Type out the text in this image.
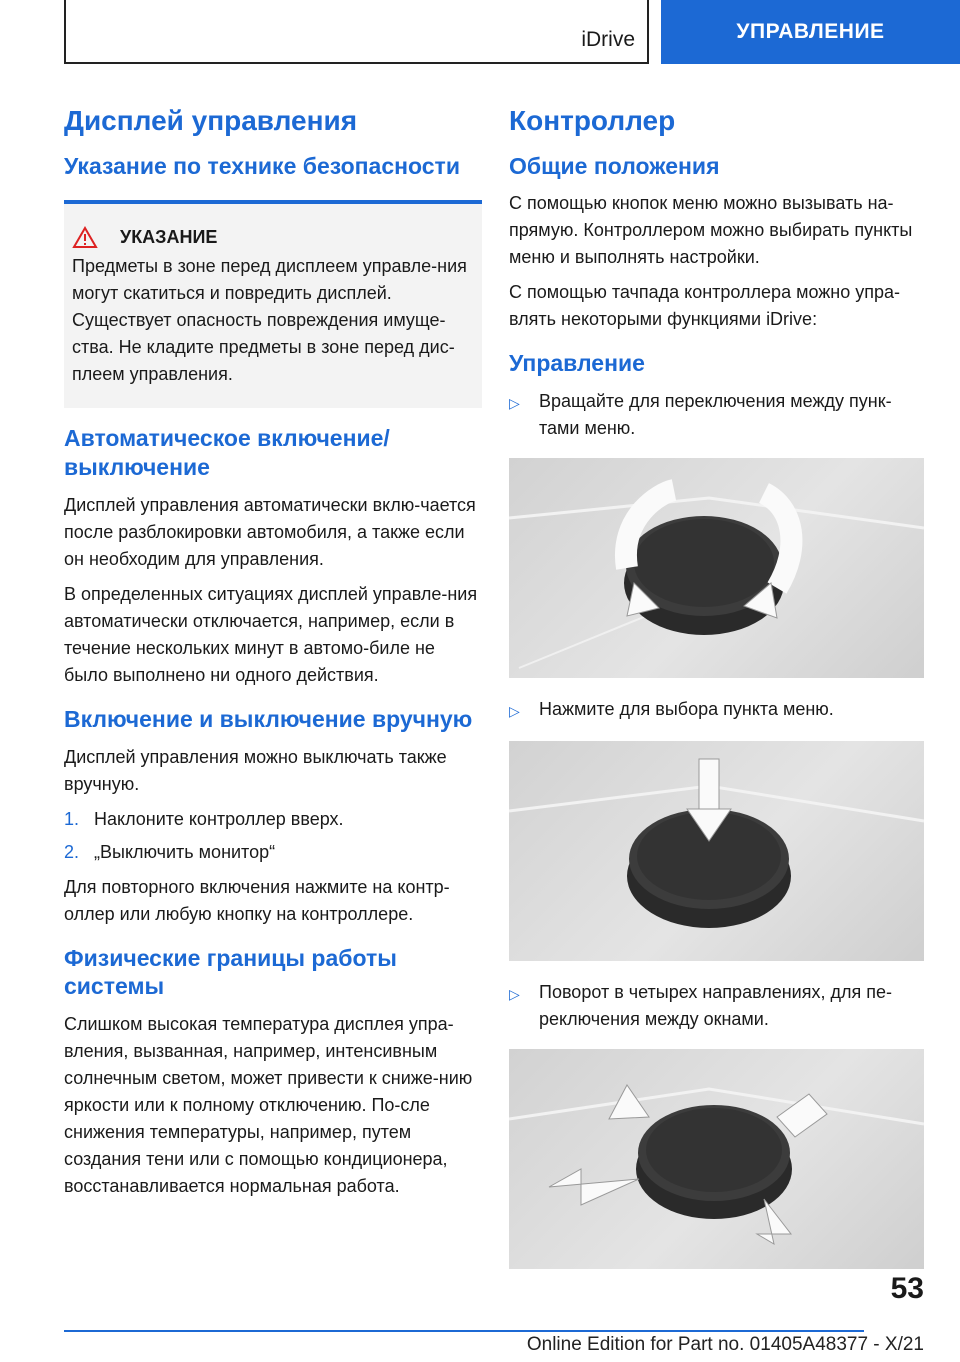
iDrive	УПРАВЛЕНИЕ
Дисплей управления
Указание по технике безопасности
УКАЗАНИЕ

Предметы в зоне перед дисплеем управле-ния могут скатиться и повредить дисплей. Существует опасность повреждения имуще-ства. Не кладите предметы в зоне перед дис-плеем управления.

Автоматическое включение/ выключение

Дисплей управления автоматически вклю-чается после разблокировки автомобиля, а также если он необходим для управления.

В определенных ситуациях дисплей управле-ния автоматически отключается, например, если в течение нескольких минут в автомо-биле не было выполнено ни одного действия.

Включение и выключение вручную

Дисплей управления можно выключать также вручную.

1. Наклоните контроллер вверх.
2. „Выключить монитор“

Для повторного включения нажмите на контр-оллер или любую кнопку на контроллере.

Физические границы работы системы

Слишком высокая температура дисплея упра-вления, вызванная, например, интенсивным солнечным светом, может привести к сниже-нию яркости или к полному отключению. По-сле снижения температуры, например, путем создания тени или с помощью кондиционера, восстанавливается нормальная работа.

Контроллер
Общие положения

С помощью кнопок меню можно вызывать на-прямую. Контроллером можно выбирать пункты меню и выполнять настройки.

С помощью тачпада контроллера можно упра-влять некоторыми функциями iDrive:

Управление
▷	Вращайте для переключения между пунк-тами меню.
▷	Нажмите для выбора пункта меню.
▷	Поворот в четырех направлениях, для пе-реключения между окнами.
53
Online Edition for Part no. 01405A48377 - X/21
